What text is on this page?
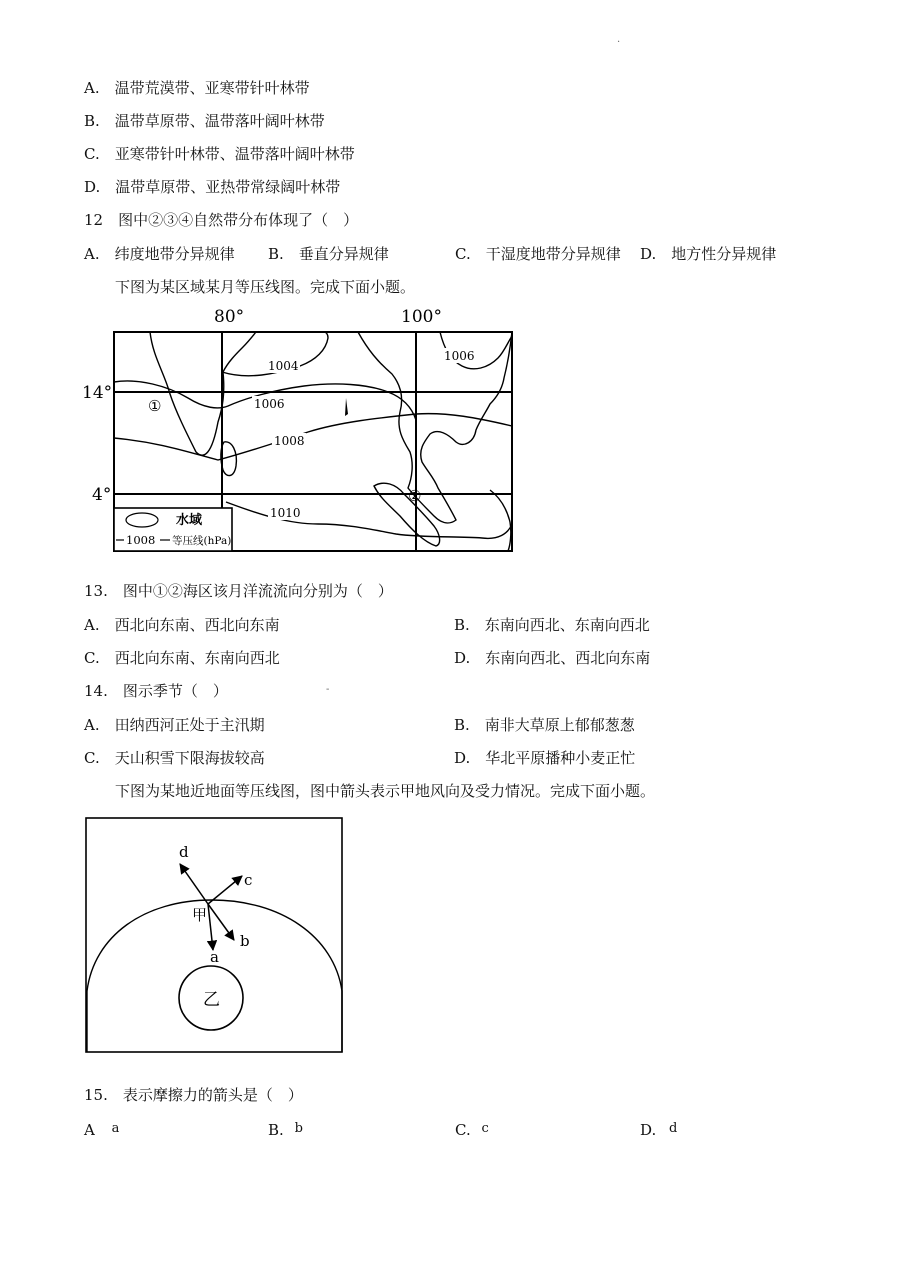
.
A.　温带荒漠带、亚寒带针叶林带
B.　温带草原带、温带落叶阔叶林带
C.　亚寒带针叶林带、温带落叶阔叶林带
D.　温带草原带、亚热带常绿阔叶林带
12　图中②③④自然带分布体现了（　）
A.　纬度地带分异规律 B.　垂直分异规律	C.　干湿度地带分异规律 D.　地方性分异规律
下图为某区域某月等压线图。完成下面小题。
80°	100°
14°
4°
1004
1006
1008
1010
1006
①
②
水域
1008 等压线(hPa)
13.　图中①②海区该月洋流流向分别为（　）
A.　西北向东南、西北向东南	B.　东南向西北、东南向西北
C.　西北向东南、东南向西北	D.　东南向西北、西北向东南
14.　图示季节（　）	-
A.　田纳西河正处于主汛期	B.　南非大草原上郁郁葱葱
C.　天山积雪下限海拔较高	D.　华北平原播种小麦正忙
下图为某地近地面等压线图，图中箭头表示甲地风向及受力情况。完成下面小题。
乙
甲
a
b
c
d
15.　表示摩擦力的箭头是（　）
A a	B. b	C. c	D. d
